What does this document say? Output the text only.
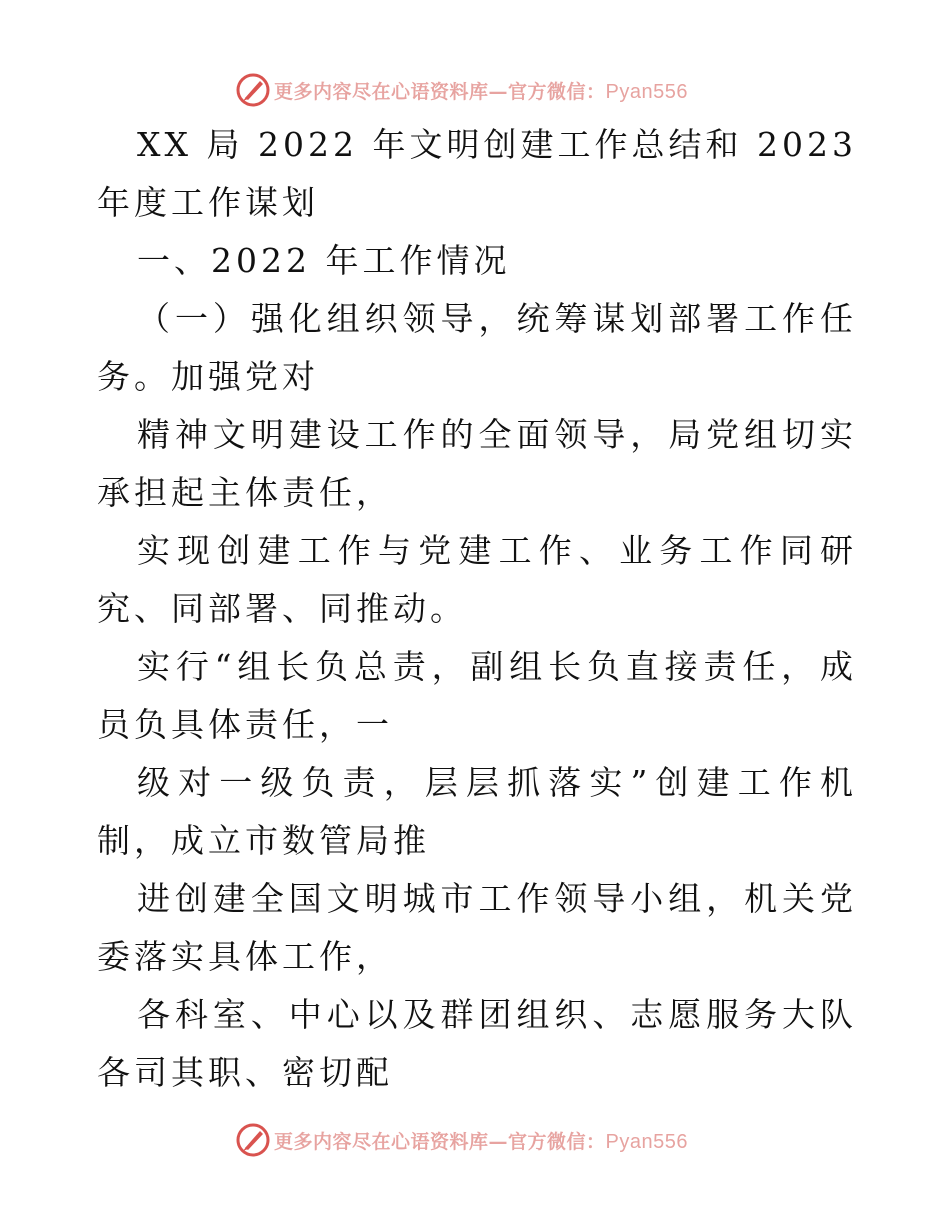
更多内容尽在心语资料库—官方微信：Pyan556

XX 局 2022 年文明创建工作总结和 2023 年度工作谋划

一、2022 年工作情况

（一）强化组织领导，统筹谋划部署工作任务。加强党对

精神文明建设工作的全面领导，局党组切实承担起主体责任，

实现创建工作与党建工作、业务工作同研究、同部署、同推动。

实行“组长负总责，副组长负直接责任，成员负具体责任，一

级对一级负责，层层抓落实”创建工作机制，成立市数管局推

进创建全国文明城市工作领导小组，机关党委落实具体工作，

各科室、中心以及群团组织、志愿服务大队各司其职、密切配

更多内容尽在心语资料库—官方微信：Pyan556
